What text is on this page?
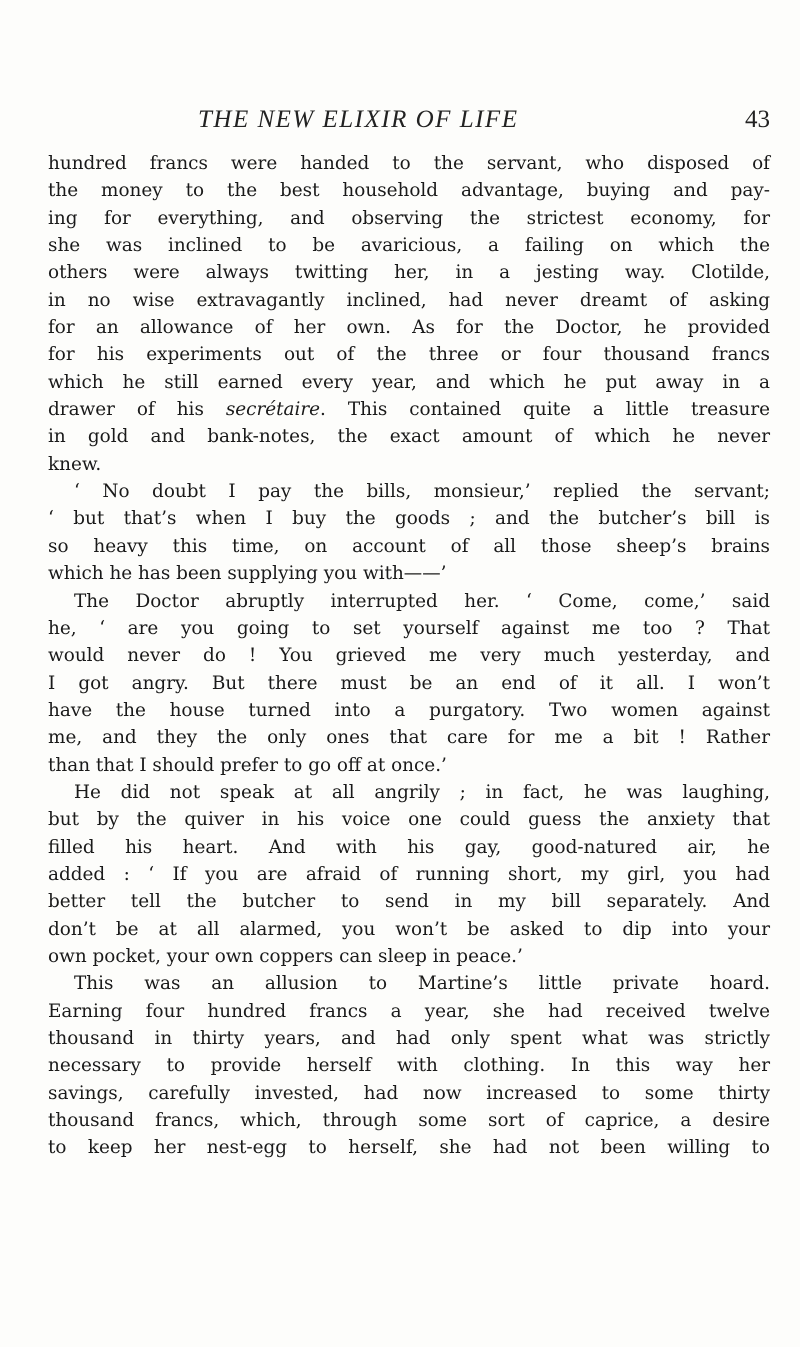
THE NEW ELIXIR OF LIFE	43

hundred francs were handed to the servant, who disposed of
the money to the best household advantage, buying and pay-
ing for everything, and observing the strictest economy, for
she was inclined to be avaricious, a failing on which the
others were always twitting her, in a jesting way. Clotilde,
in no wise extravagantly inclined, had never dreamt of asking
for an allowance of her own. As for the Doctor, he provided
for his experiments out of the three or four thousand francs
which he still earned every year, and which he put away in a
drawer of his secrétaire. This contained quite a little treasure
in gold and bank-notes, the exact amount of which he never
knew.

‘ No doubt I pay the bills, monsieur,’ replied the servant;
‘ but that’s when I buy the goods ; and the butcher’s bill is
so heavy this time, on account of all those sheep’s brains
which he has been supplying you with——’

The Doctor abruptly interrupted her. ‘ Come, come,’ said
he, ‘ are you going to set yourself against me too ? That
would never do ! You grieved me very much yesterday, and
I got angry. But there must be an end of it all. I won’t
have the house turned into a purgatory. Two women against
me, and they the only ones that care for me a bit ! Rather
than that I should prefer to go off at once.’

He did not speak at all angrily ; in fact, he was laughing,
but by the quiver in his voice one could guess the anxiety that
filled his heart. And with his gay, good-natured air, he
added : ‘ If you are afraid of running short, my girl, you had
better tell the butcher to send in my bill separately. And
don’t be at all alarmed, you won’t be asked to dip into your
own pocket, your own coppers can sleep in peace.’

This was an allusion to Martine’s little private hoard.
Earning four hundred francs a year, she had received twelve
thousand in thirty years, and had only spent what was strictly
necessary to provide herself with clothing. In this way her
savings, carefully invested, had now increased to some thirty
thousand francs, which, through some sort of caprice, a desire
to keep her nest-egg to herself, she had not been willing to
